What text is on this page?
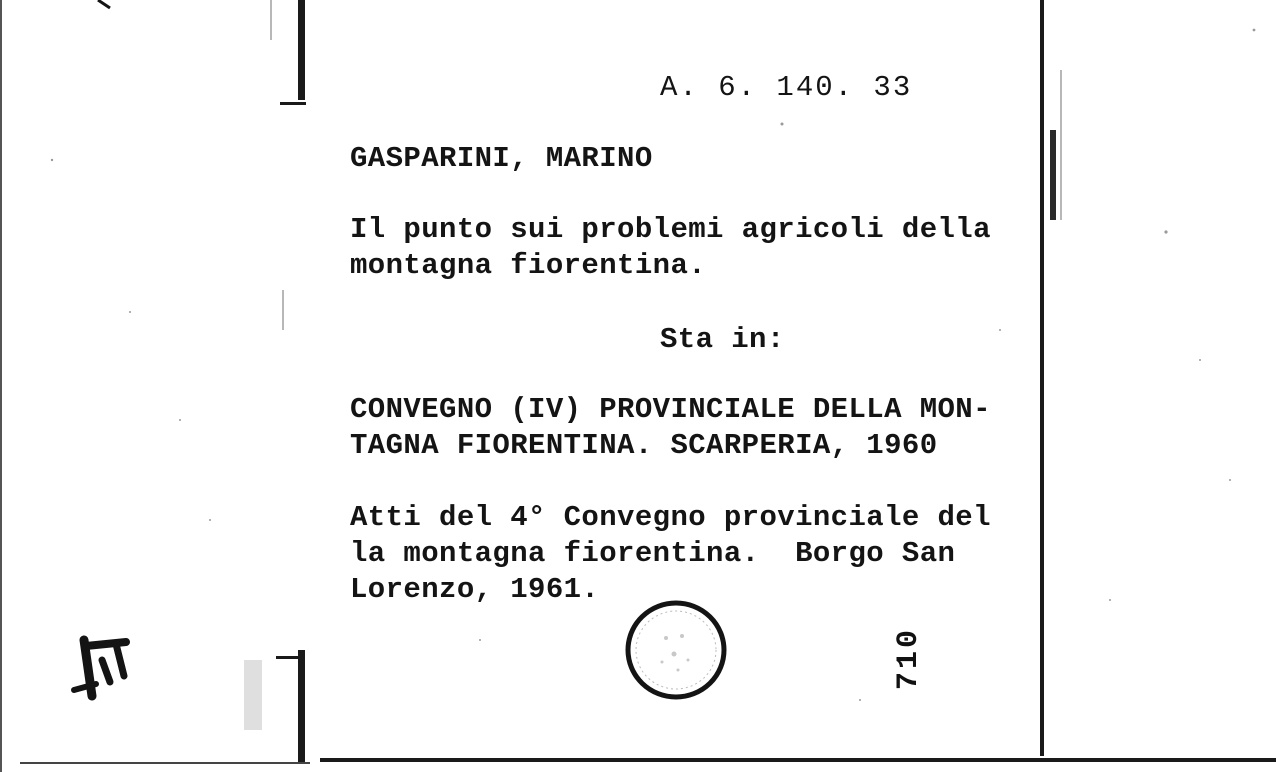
A. 6. 140. 33
GASPARINI, MARINO
Il punto sui problemi agricoli della
montagna fiorentina.
Sta in:
CONVEGNO (IV) PROVINCIALE DELLA MON-
TAGNA FIORENTINA. SCARPERIA, 1960
Atti del 4° Convegno provinciale del
la montagna fiorentina.  Borgo San
Lorenzo, 1961.
710
